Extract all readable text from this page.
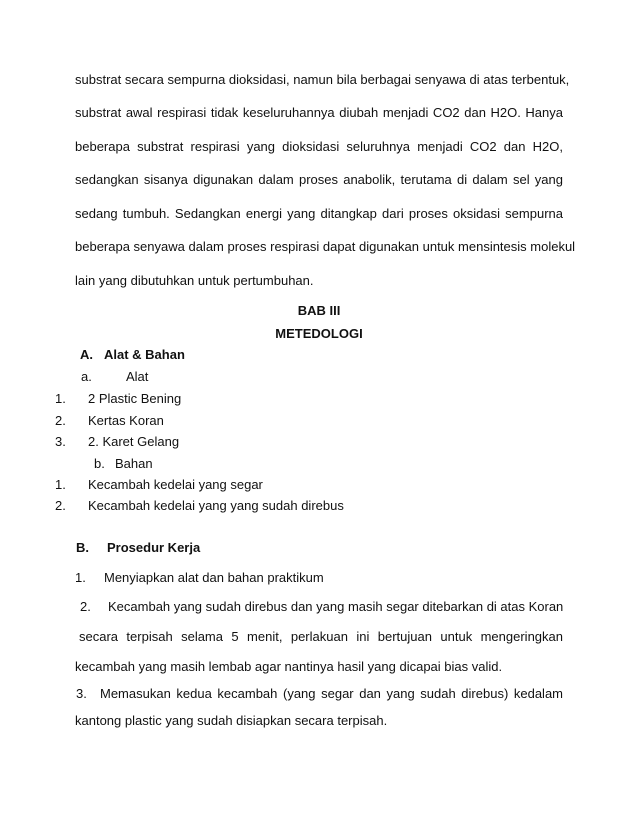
substrat secara sempurna dioksidasi, namun bila berbagai senyawa di atas terbentuk,
substrat awal respirasi tidak keseluruhannya diubah menjadi CO2 dan H2O. Hanya
beberapa substrat respirasi yang dioksidasi seluruhnya menjadi CO2 dan H2O,
sedangkan sisanya digunakan dalam proses anabolik, terutama di dalam sel yang
sedang tumbuh. Sedangkan energi yang ditangkap dari proses oksidasi sempurna
beberapa senyawa dalam proses respirasi dapat digunakan untuk mensintesis molekul
lain yang dibutuhkan untuk pertumbuhan.
BAB III
METEDOLOGI
A. Alat & Bahan
a.	Alat
1. 2 Plastic Bening
2. Kertas Koran
3. 2. Karet Gelang
b. Bahan
1. Kecambah kedelai yang segar
2. Kecambah kedelai yang yang sudah direbus
B. Prosedur Kerja
1. Menyiapkan alat dan bahan praktikum
2. Kecambah yang sudah direbus dan yang masih segar ditebarkan di atas Koran
secara terpisah selama 5 menit, perlakuan ini bertujuan untuk mengeringkan
kecambah yang masih lembab agar nantinya hasil yang dicapai bias valid.
3. Memasukan kedua kecambah (yang segar dan yang sudah direbus) kedalam
kantong plastic yang sudah disiapkan secara terpisah.
